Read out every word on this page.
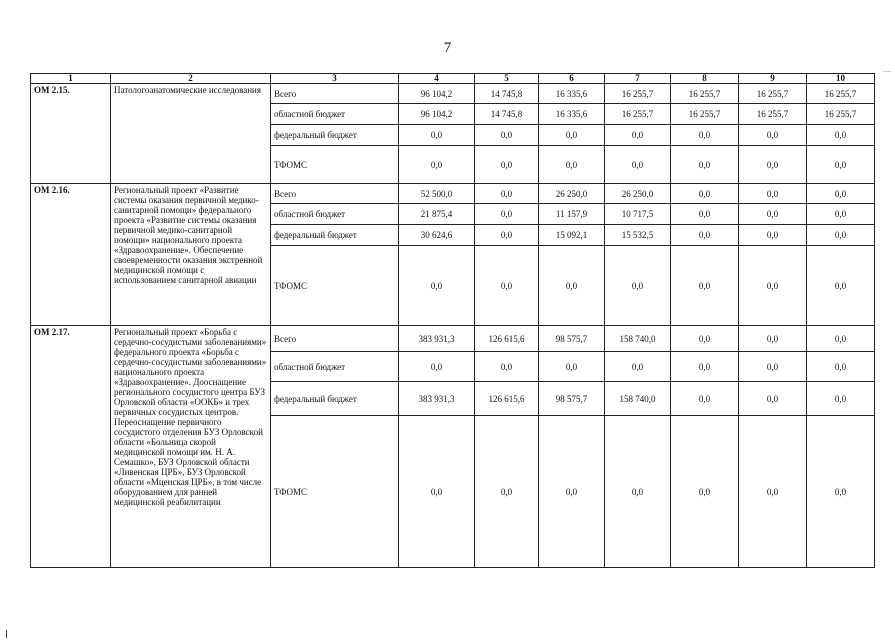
7
1	2	3	4	5	6	7	8	9	10
ОМ 2.15.	Патологоанатомические исследования	Всего	96 104,2	14 745,8	16 335,6	16 255,7	16 255,7	16 255,7	16 255,7
		областной бюджет	96 104,2	14 745,8	16 335,6	16 255,7	16 255,7	16 255,7	16 255,7
		федеральный бюджет	0,0	0,0	0,0	0,0	0,0	0,0	0,0
		ТФОМС	0,0	0,0	0,0	0,0	0,0	0,0	0,0
ОМ 2.16.	Региональный проект «Развитие системы оказания первичной медико-санитарной помощи» федерального проекта «Развитие системы оказания первичной медико-санитарной помощи» национального проекта «Здравоохранение». Обеспечение своевременности оказания экстренной медицинской помощи с использованием санитарной авиации	Всего	52 500,0	0,0	26 250,0	26 250,0	0,0	0,0	0,0
		областной бюджет	21 875,4	0,0	11 157,9	10 717,5	0,0	0,0	0,0
		федеральный бюджет	30 624,6	0,0	15 092,1	15 532,5	0,0	0,0	0,0
		ТФОМС	0,0	0,0	0,0	0,0	0,0	0,0	0,0
ОМ 2.17.	Региональный проект «Борьба с сердечно-сосудистыми заболеваниями» федерального проекта «Борьба с сердечно-сосудистыми заболеваниями» национального проекта «Здравоохранение». Дооснащение регионального сосудистого центра БУЗ Орловской области «ООКБ» и трех первичных сосудистых центров. Переоснащение первичного сосудистого отделения БУЗ Орловской области «Больница скорой медицинской помощи им. Н. А. Семашко», БУЗ Орловской области «Ливенская ЦРБ», БУЗ Орловской области «Мценская ЦРБ», в том числе оборудованием для ранней медицинской реабилитации	Всего	383 931,3	126 615,6	98 575,7	158 740,0	0,0	0,0	0,0
		областной бюджет	0,0	0,0	0,0	0,0	0,0	0,0	0,0
		федеральный бюджет	383 931,3	126 615,6	98 575,7	158 740,0	0,0	0,0	0,0
		ТФОМС	0,0	0,0	0,0	0,0	0,0	0,0	0,0
—
